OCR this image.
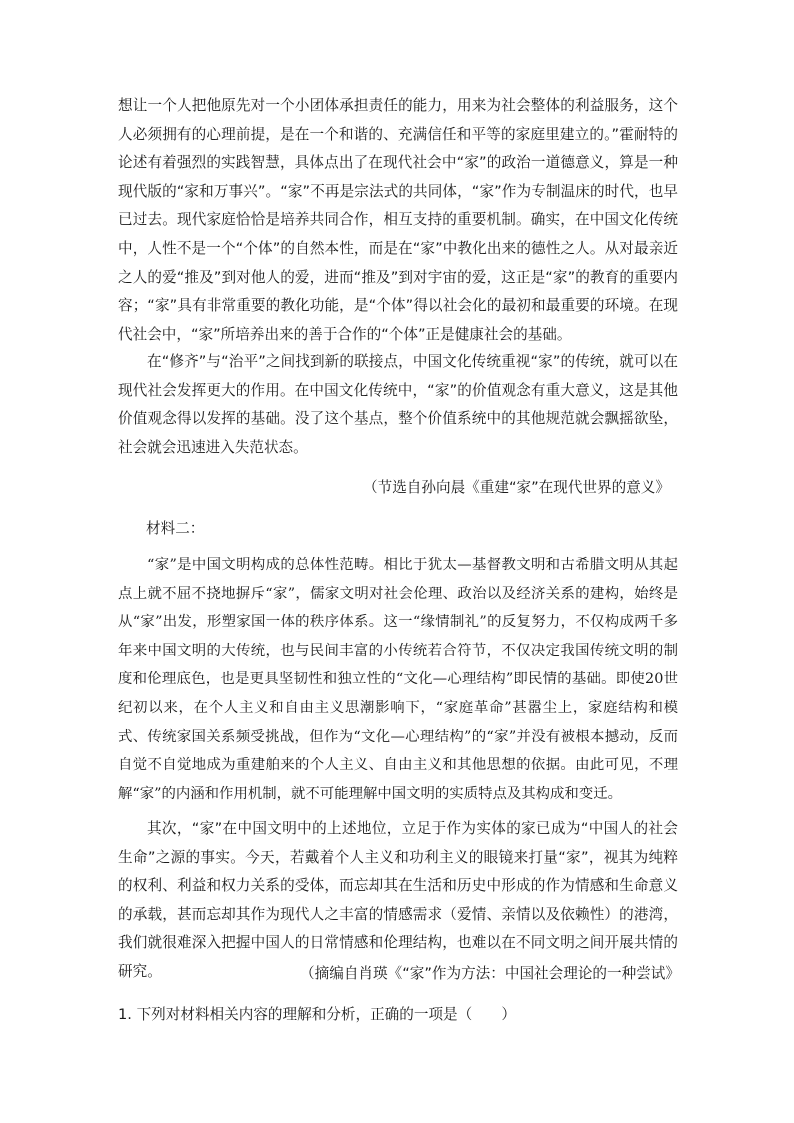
想让一个人把他原先对一个小团体承担责任的能力，用来为社会整体的利益服务，这个人必须拥有的心理前提，是在一个和谐的、充满信任和平等的家庭里建立的。”霍耐特的论述有着强烈的实践智慧，具体点出了在现代社会中“家”的政治一道德意义，算是一种现代版的“家和万事兴”。“家”不再是宗法式的共同体，“家”作为专制温床的时代，也早已过去。现代家庭恰恰是培养共同合作，相互支持的重要机制。确实，在中国文化传统中，人性不是一个“个体”的自然本性，而是在“家”中教化出来的德性之人。从对最亲近之人的爱“推及”到对他人的爱，进而“推及”到对宇宙的爱，这正是“家”的教育的重要内容；“家”具有非常重要的教化功能，是“个体”得以社会化的最初和最重要的环境。在现代社会中，“家”所培养出来的善于合作的“个体”正是健康社会的基础。

在“修齐”与“治平”之间找到新的联接点，中国文化传统重视“家”的传统，就可以在现代社会发挥更大的作用。在中国文化传统中，“家”的价值观念有重大意义，这是其他价值观念得以发挥的基础。没了这个基点，整个价值系统中的其他规范就会飘摇欲坠，社会就会迅速进入失范状态。

（节选自孙向晨《重建“家”在现代世界的意义》

材料二：

“家”是中国文明构成的总体性范畴。相比于犹太—基督教文明和古希腊文明从其起点上就不屈不挠地摒斥“家”，儒家文明对社会伦理、政治以及经济关系的建构，始终是从“家”出发，形塑家国一体的秩序体系。这一“缘情制礼”的反复努力，不仅构成两千多年来中国文明的大传统，也与民间丰富的小传统若合符节，不仅决定我国传统文明的制度和伦理底色，也是更具坚韧性和独立性的“文化—心理结构”即民情的基础。即使20世纪初以来，在个人主义和自由主义思潮影响下，“家庭革命”甚嚣尘上，家庭结构和模式、传统家国关系频受挑战，但作为“文化—心理结构”的“家”并没有被根本撼动，反而自觉不自觉地成为重建舶来的个人主义、自由主义和其他思想的依据。由此可见，不理解“家”的内涵和作用机制，就不可能理解中国文明的实质特点及其构成和变迁。

其次，“家”在中国文明中的上述地位，立足于作为实体的家已成为“中国人的社会生命”之源的事实。今天，若戴着个人主义和功利主义的眼镜来打量“家”，视其为纯粹的权利、利益和权力关系的受体，而忘却其在生活和历史中形成的作为情感和生命意义的承载，甚而忘却其作为现代人之丰富的情感需求（爱情、亲情以及依赖性）的港湾，我们就很难深入把握中国人的日常情感和伦理结构，也难以在不同文明之间开展共情的研究。	（摘编自肖瑛《“家”作为方法：中国社会理论的一种尝试》

1. 下列对材料相关内容的理解和分析，正确的一项是（　　）
